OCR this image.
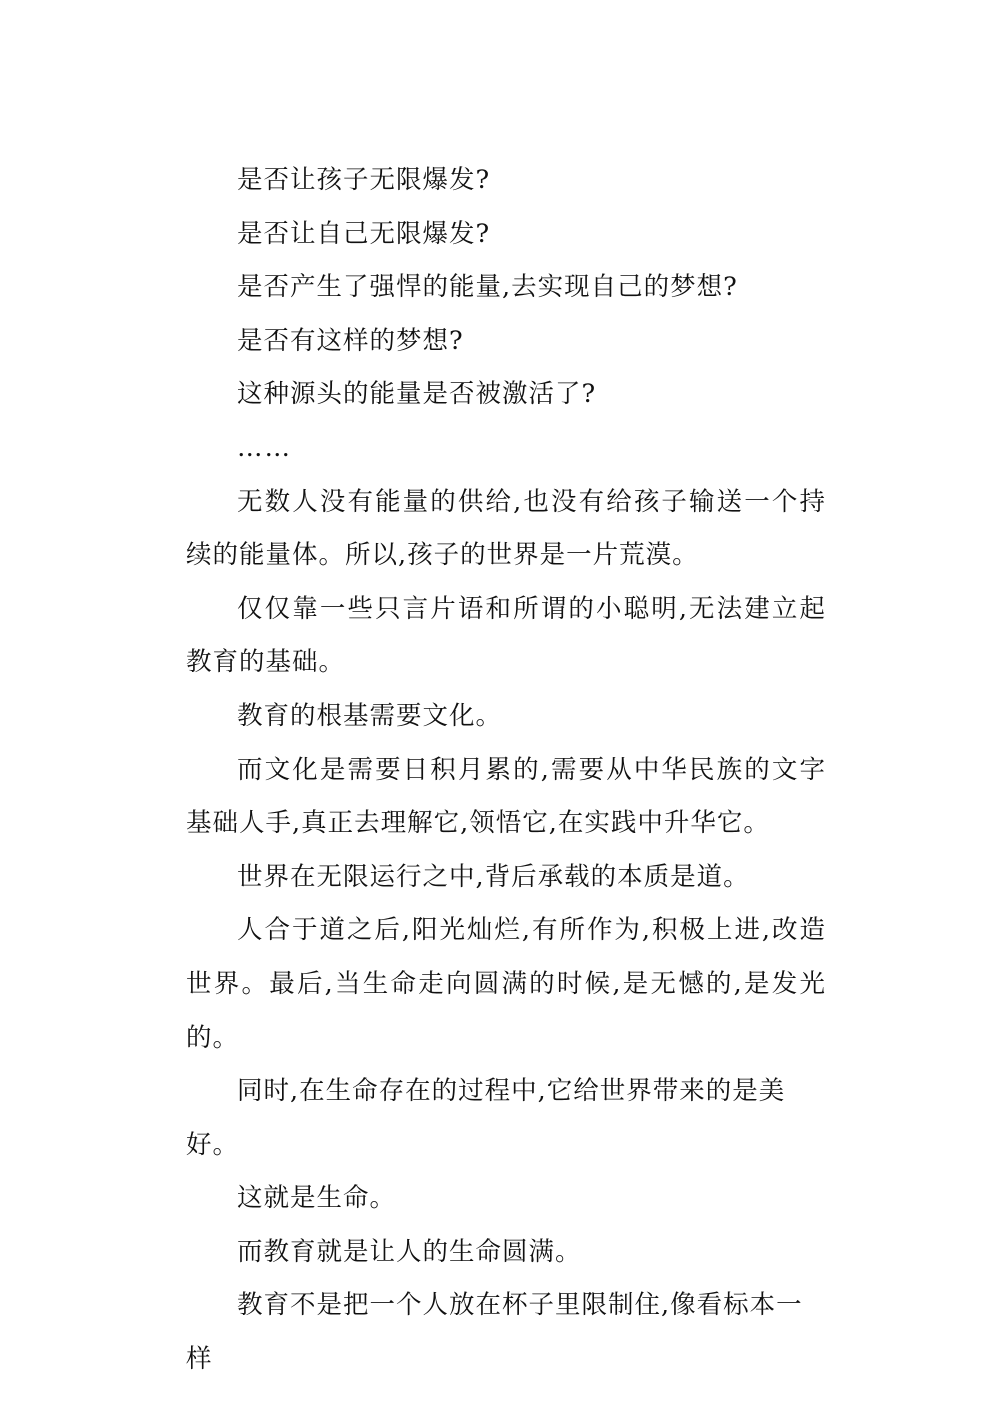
是否让孩子无限爆发?

是否让自己无限爆发?

是否产生了强悍的能量,去实现自己的梦想?

是否有这样的梦想?

这种源头的能量是否被激活了?

……

无数人没有能量的供给,也没有给孩子输送一个持续的能量体。所以,孩子的世界是一片荒漠。

仅仅靠一些只言片语和所谓的小聪明,无法建立起教育的基础。

教育的根基需要文化。

而文化是需要日积月累的,需要从中华民族的文字基础人手,真正去理解它,领悟它,在实践中升华它。

世界在无限运行之中,背后承载的本质是道。

人合于道之后,阳光灿烂,有所作为,积极上进,改造世界。最后,当生命走向圆满的时候,是无憾的,是发光的。

同时,在生命存在的过程中,它给世界带来的是美好。

这就是生命。

而教育就是让人的生命圆满。

教育不是把一个人放在杯子里限制住,像看标本一样
